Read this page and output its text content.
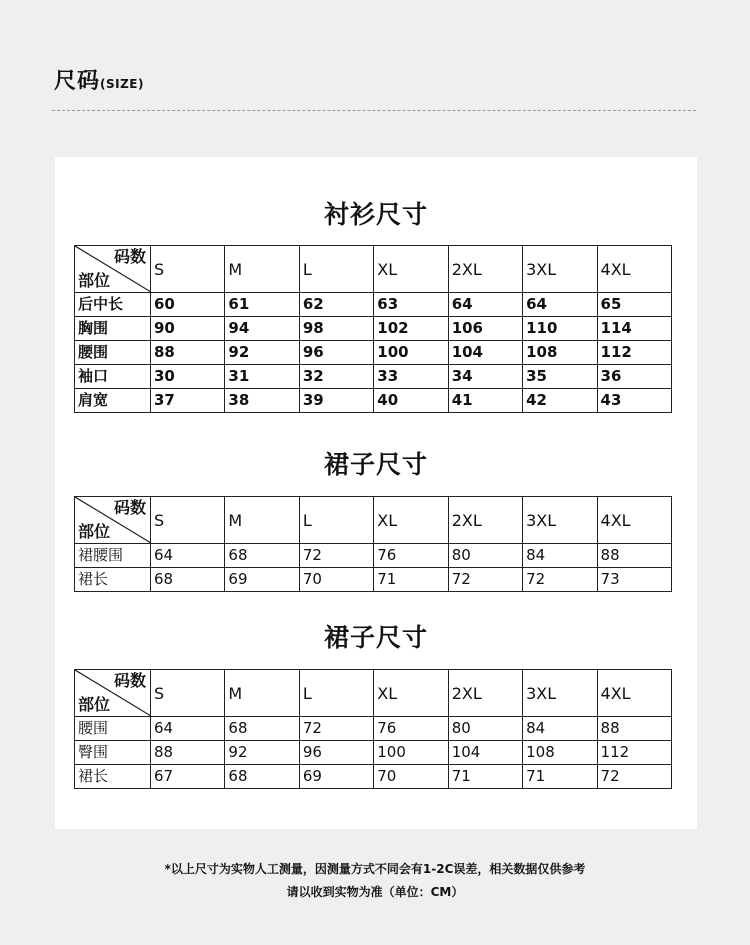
尺码(SIZE)
衬衫尺寸
码数
部位	S	M	L	XL	2XL	3XL	4XL
后中长	60	61	62	63	64	64	65
胸围	90	94	98	102	106	110	114
腰围	88	92	96	100	104	108	112
袖口	30	31	32	33	34	35	36
肩宽	37	38	39	40	41	42	43
裙子尺寸
码数
部位	S	M	L	XL	2XL	3XL	4XL
裙腰围	64	68	72	76	80	84	88
裙长	68	69	70	71	72	72	73
裙子尺寸
码数
部位	S	M	L	XL	2XL	3XL	4XL
腰围	64	68	72	76	80	84	88
臀围	88	92	96	100	104	108	112
裙长	67	68	69	70	71	71	72
*以上尺寸为实物人工测量，因测量方式不同会有1-2C误差，相关数据仅供参考
请以收到实物为准（单位：CM）
